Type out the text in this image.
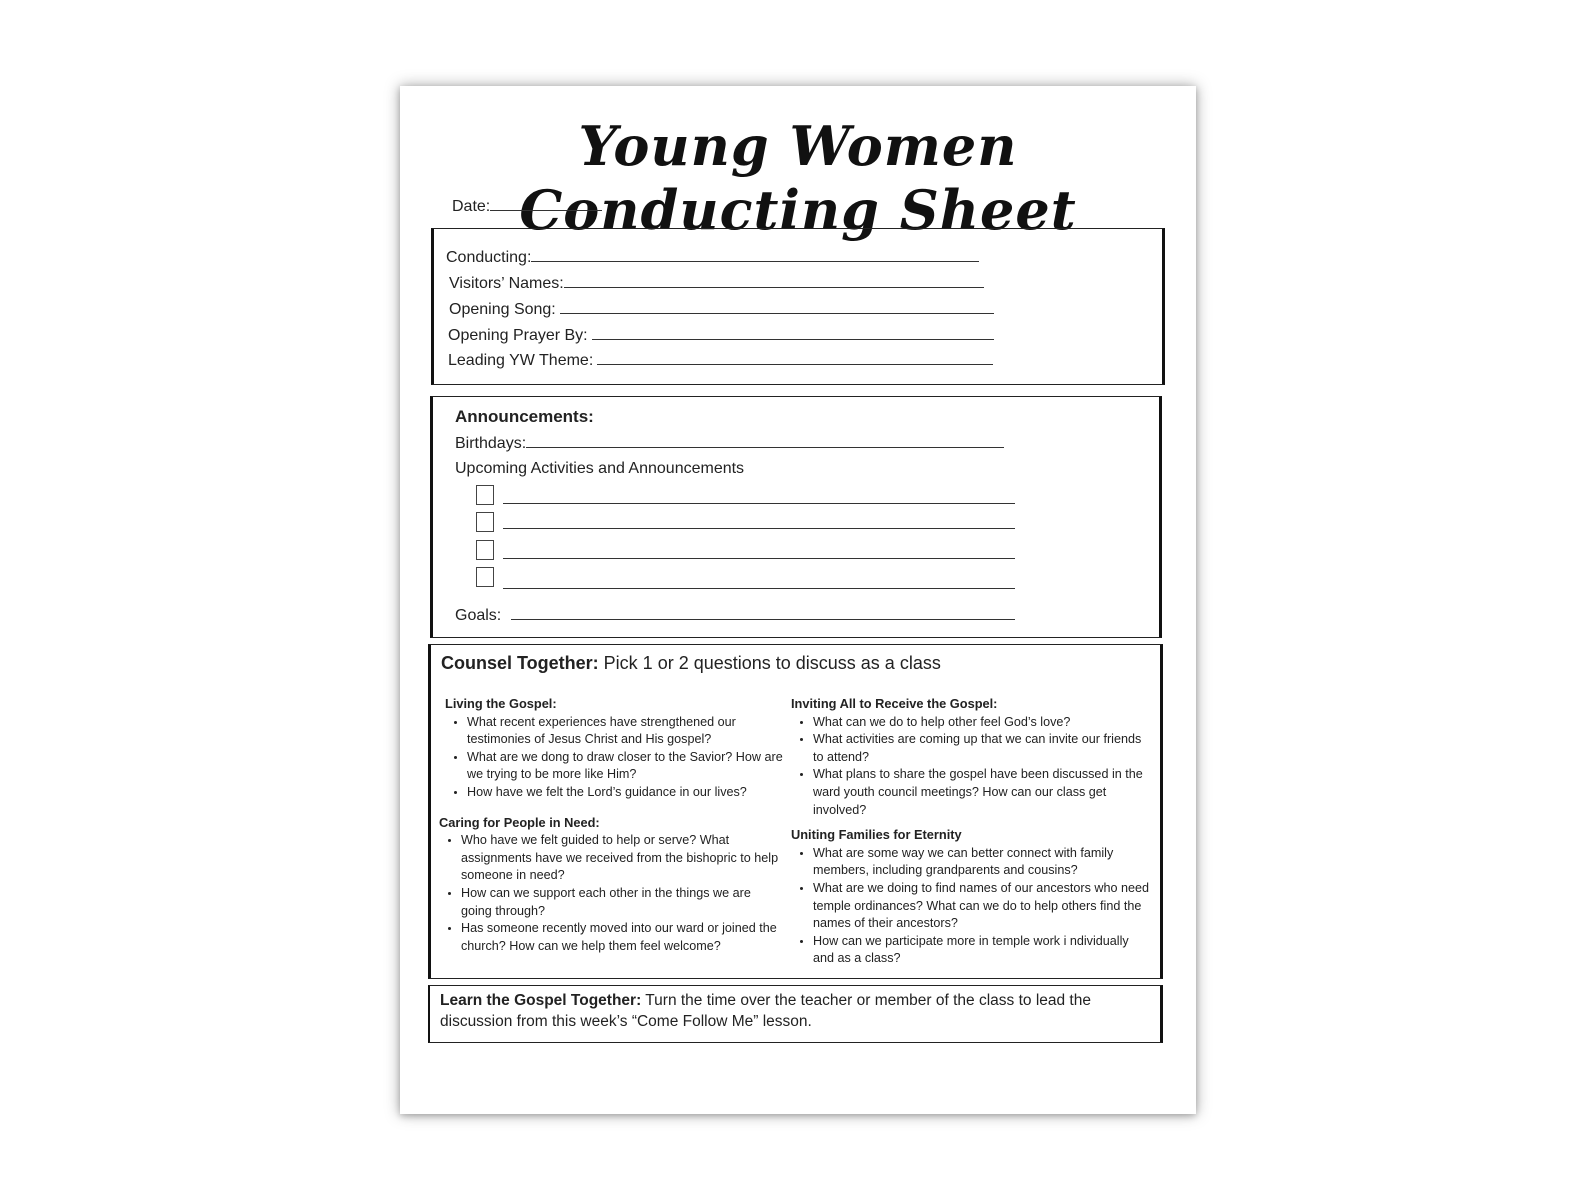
Young Women Conducting Sheet
Date:
Conducting:
Visitors’ Names:
Opening Song:
Opening Prayer By:
Leading YW Theme:
Announcements:
Birthdays:
Upcoming Activities and Announcements
Goals:
Counsel Together: Pick 1 or 2 questions to discuss as a class
Living the Gospel:
• What recent experiences have strengthened our testimonies of Jesus Christ and His gospel?
• What are we dong to draw closer to the Savior? How are we trying to be more like Him?
• How have we felt the Lord’s guidance in our lives?
Caring for People in Need:
• Who have we felt guided to help or serve? What assignments have we received from the bishopric to help someone in need?
• How can we support each other in the things we are going through?
• Has someone recently moved into our ward or joined the church? How can we help them feel welcome?
Inviting All to Receive the Gospel:
• What can we do to help other feel God’s love?
• What activities are coming up that we can invite our friends to attend?
• What plans to share the gospel have been discussed in the ward youth council meetings? How can our class get involved?
Uniting Families for Eternity
• What are some way we can better connect with family members, including grandparents and cousins?
• What are we doing to find names of our ancestors who need temple ordinances? What can we do to help others find the names of their ancestors?
• How can we participate more in temple work i ndividually and as a class?
Learn the Gospel Together: Turn the time over the teacher or member of the class to lead the discussion from this week’s “Come Follow Me” lesson.
